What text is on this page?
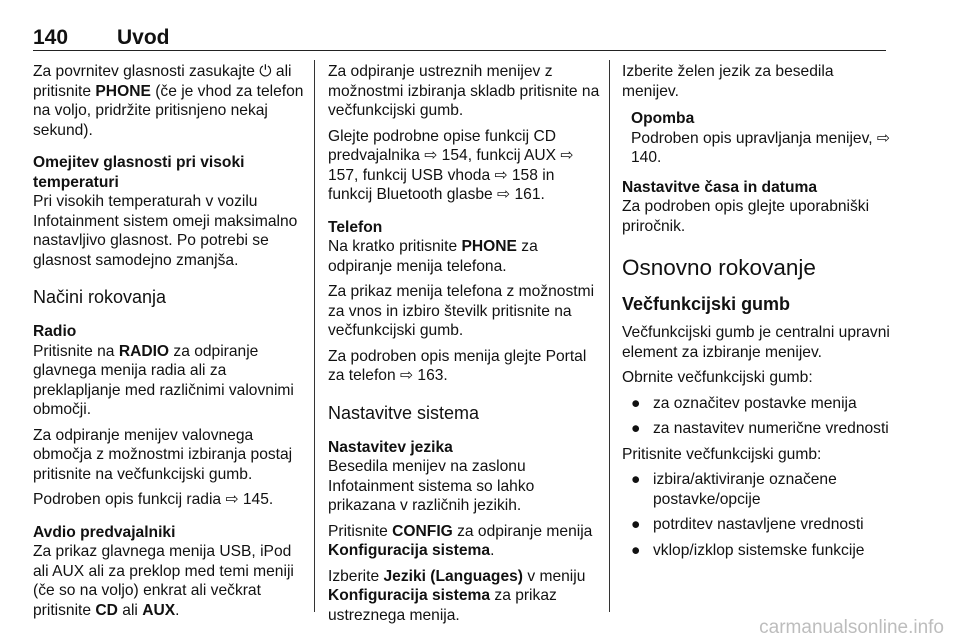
140 Uvod

Za povrnitev glasnosti zasukajte ⏻ ali pritisnite PHONE (če je vhod za telefon na voljo, pridržite pritisnjeno nekaj sekund).

Omejitev glasnosti pri visoki temperaturi

Pri visokih temperaturah v vozilu Infotainment sistem omeji maksimalno nastavljivo glasnost. Po potrebi se glasnost samodejno zmanjša.

Načini rokovanja

Radio

Pritisnite na RADIO za odpiranje glavnega menija radia ali za preklapljanje med različnimi valovnimi območji.

Za odpiranje menijev valovnega območja z možnostmi izbiranja postaj pritisnite na večfunkcijski gumb.

Podroben opis funkcij radia ⇨ 145.

Avdio predvajalniki

Za prikaz glavnega menija USB, iPod ali AUX ali za preklop med temi meniji (če so na voljo) enkrat ali večkrat pritisnite CD ali AUX.

Za odpiranje ustreznih menijev z možnostmi izbiranja skladb pritisnite na večfunkcijski gumb.

Glejte podrobne opise funkcij CD predvajalnika ⇨ 154, funkcij AUX ⇨ 157, funkcij USB vhoda ⇨ 158 in funkcij Bluetooth glasbe ⇨ 161.

Telefon

Na kratko pritisnite PHONE za odpiranje menija telefona.

Za prikaz menija telefona z možnostmi za vnos in izbiro številk pritisnite na večfunkcijski gumb.

Za podroben opis menija glejte Portal za telefon ⇨ 163.

Nastavitve sistema

Nastavitev jezika

Besedila menijev na zaslonu Infotainment sistema so lahko prikazana v različnih jezikih.

Pritisnite CONFIG za odpiranje menija Konfiguracija sistema.

Izberite Jeziki (Languages) v meniju Konfiguracija sistema za prikaz ustreznega menija.

Izberite želen jezik za besedila menijev.

Opomba
Podroben opis upravljanja menijev, ⇨ 140.

Nastavitve časa in datuma

Za podroben opis glejte uporabniški priročnik.

Osnovno rokovanje
Večfunkcijski gumb

Večfunkcijski gumb je centralni upravni element za izbiranje menijev.

Obrnite večfunkcijski gumb:

● za označitev postavke menija
● za nastavitev numerične vrednosti

Pritisnite večfunkcijski gumb:

● izbira/aktiviranje označene postavke/opcije
● potrditev nastavljene vrednosti
● vklop/izklop sistemske funkcije
carmanualsonline.info
